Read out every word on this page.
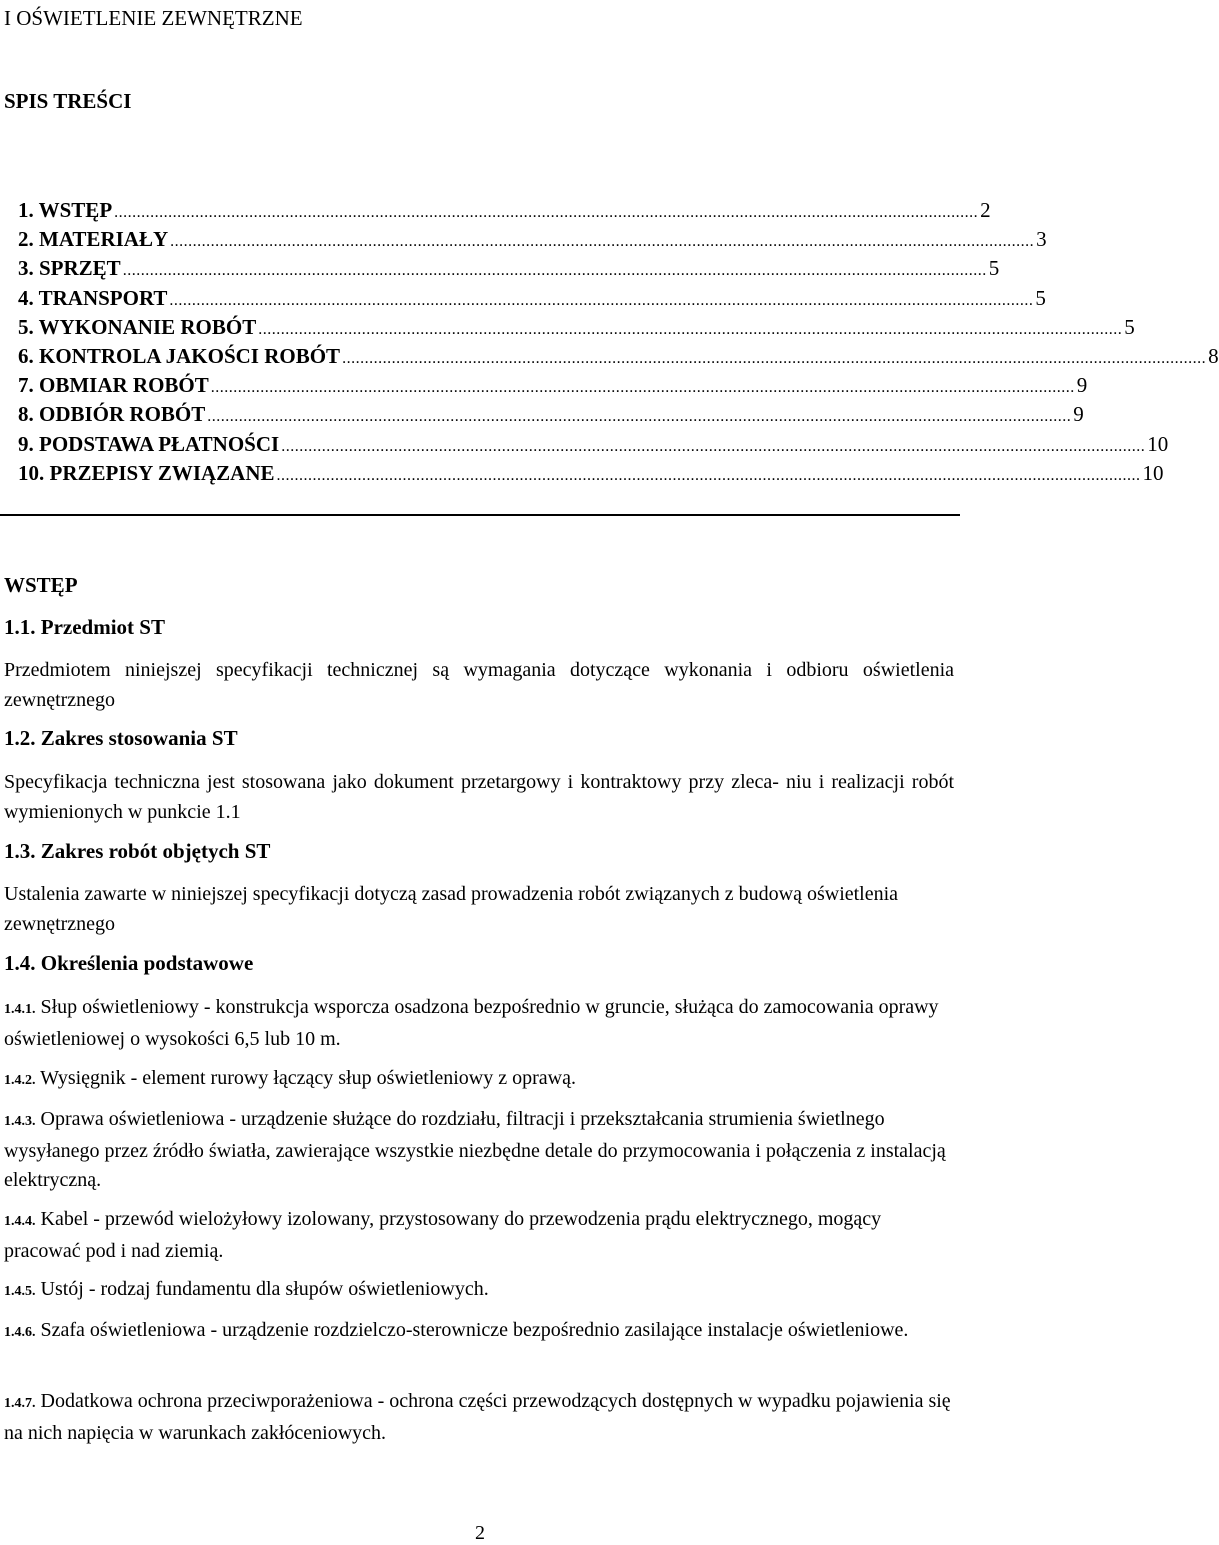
I OŚWIETLENIE ZEWNĘTRZNE
SPIS TREŚCI
1. WSTĘP ................................................................................................................................................................................................ 2
2. MATERIAŁY ................................................................................................................................................................................................ 3
3. SPRZĘT ................................................................................................................................................................................................ 5
4. TRANSPORT ................................................................................................................................................................................................ 5
5. WYKONANIE ROBÓT ................................................................................................................................................................................................ 5
6. KONTROLA JAKOŚCI ROBÓT ................................................................................................................................................................................................ 8
7. OBMIAR ROBÓT ................................................................................................................................................................................................ 9
8. ODBIÓR ROBÓT ................................................................................................................................................................................................ 9
9. PODSTAWA PŁATNOŚCI ................................................................................................................................................................................................ 10
10. PRZEPISY ZWIĄZANE ................................................................................................................................................................................................ 10
WSTĘP
1.1. Przedmiot ST
Przedmiotem niniejszej specyfikacji technicznej są wymagania dotyczące wykonania i odbioru oświetlenia zewnętrznego
1.2. Zakres stosowania ST
Specyfikacja techniczna jest stosowana jako dokument przetargowy i kontraktowy przy zleca- niu i realizacji robót wymienionych w punkcie 1.1
1.3. Zakres robót objętych ST
Ustalenia zawarte w niniejszej specyfikacji dotyczą zasad prowadzenia robót związanych z budową oświetlenia zewnętrznego
1.4. Określenia podstawowe
1.4.1. Słup oświetleniowy - konstrukcja wsporcza osadzona bezpośrednio w gruncie, służąca do zamocowania oprawy oświetleniowej o wysokości 6,5 lub 10 m.
1.4.2. Wysięgnik - element rurowy łączący słup oświetleniowy z oprawą.
1.4.3. Oprawa oświetleniowa - urządzenie służące do rozdziału, filtracji i przekształcania strumienia świetlnego wysyłanego przez źródło światła, zawierające wszystkie niezbędne detale do przymocowania i połączenia z instalacją elektryczną.
1.4.4. Kabel - przewód wielożyłowy izolowany, przystosowany do przewodzenia prądu elektrycznego, mogący pracować pod i nad ziemią.
1.4.5. Ustój - rodzaj fundamentu dla słupów oświetleniowych.
1.4.6. Szafa oświetleniowa - urządzenie rozdzielczo-sterownicze bezpośrednio zasilające instalacje oświetleniowe.
1.4.7. Dodatkowa ochrona przeciwporażeniowa - ochrona części przewodzących dostępnych w wypadku pojawienia się na nich napięcia w warunkach zakłóceniowych.
2
